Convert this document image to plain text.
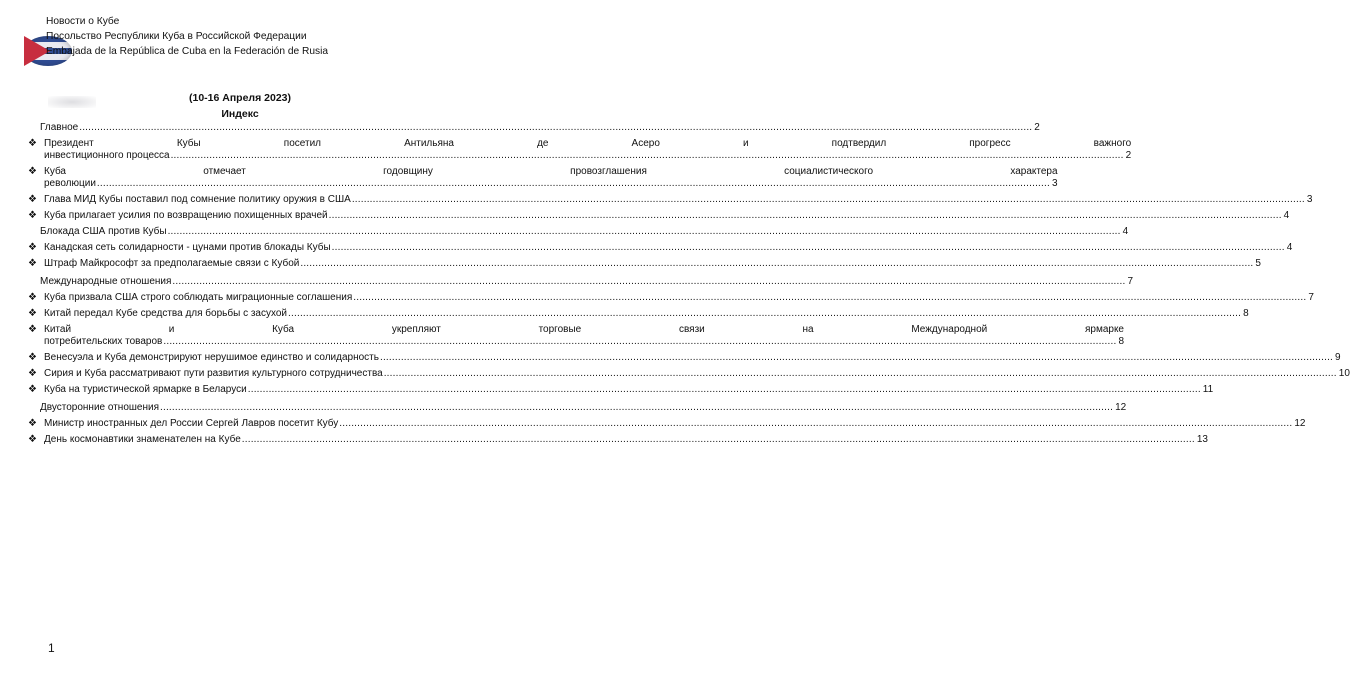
Новости о Кубе
Посольство Республики Куба в Российской Федерации
Embajada de la República de Cuba en la Federación de Rusia
(10-16 Апреля 2023)
Индекс
Главное .....	2
❖ Президент Кубы посетил Антильяна де Асеро и подтвердил прогресс важного
инвестиционного процесса .....	2
❖ Куба отмечает годовщину провозглашения социалистического характера
революции .....	3
❖ Глава МИД Кубы поставил под сомнение политику оружия в США .....	3
❖ Куба прилагает усилия по возвращению похищенных врачей .....	4
Блокада США против Кубы .....	4
❖ Канадская сеть солидарности - цунами против блокады Кубы .....	4
❖ Штраф Майкрософт за предполагаемые связи с Кубой .....	5
Международные отношения .....	7
❖ Куба призвала США строго соблюдать миграционные соглашения .....	7
❖ Китай передал Кубе средства для борьбы с засухой .....	8
❖ Китай и Куба укрепляют торговые связи на Международной ярмарке
потребительских товаров .....	8
❖ Венесуэла и Куба демонстрируют нерушимое единство и солидарность .....	9
❖ Сирия и Куба рассматривают пути развития культурного сотрудничества .....	10
❖ Куба на туристической ярмарке в Беларуси .....	11
Двусторонние отношения .....	12
❖ Министр иностранных дел России Сергей Лавров посетит Кубу .....	12
❖ День космонавтики знаменателен на Кубе .....	13
1
